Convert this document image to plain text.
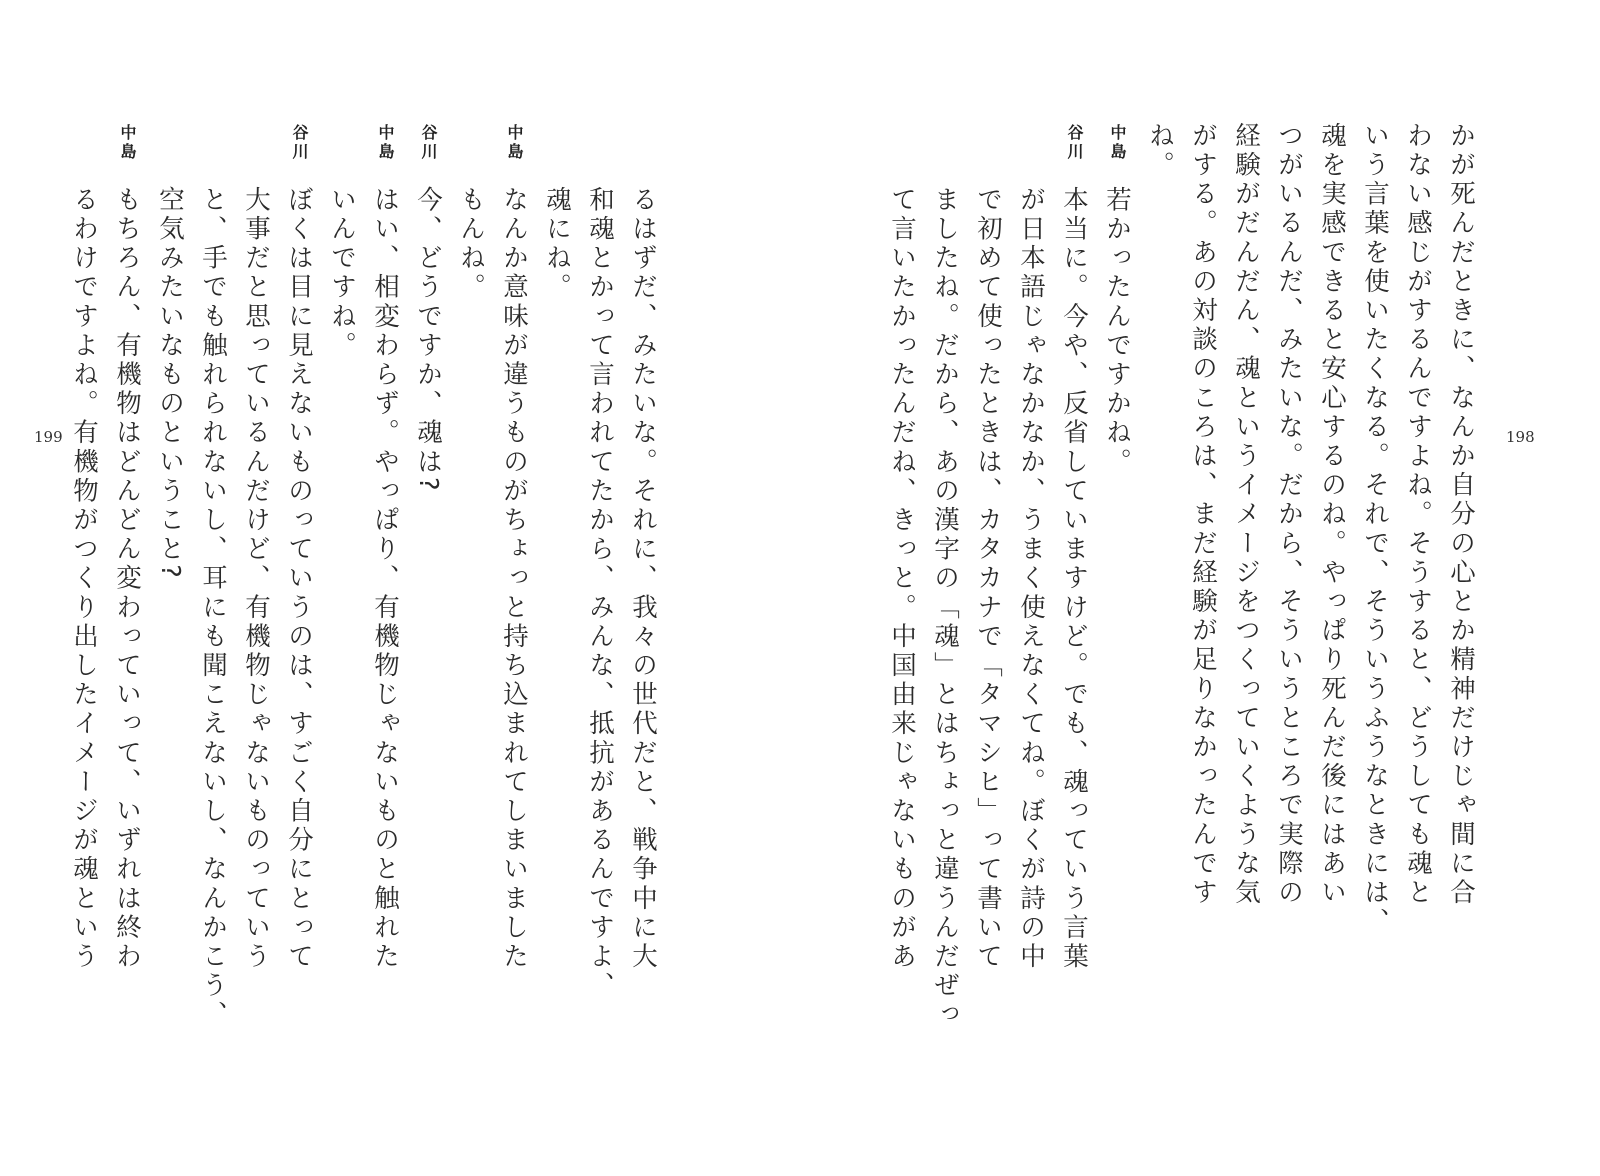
198
かが死んだときに、なんか自分の心とか精神だけじゃ間に合
わない感じがするんですよね。そうすると、どうしても魂と
いう言葉を使いたくなる。それで、そういうふうなときには、
魂を実感できると安心するのね。やっぱり死んだ後にはあい
つがいるんだ、みたいな。だから、そういうところで実際の
経験がだんだん、魂というイメージをつくっていくような気
がする。あの対談のころは、まだ経験が足りなかったんです
ね。
中島
若かったんですかね。
谷川
本当に。今や、反省していますけど。でも、魂っていう言葉
が日本語じゃなかなか、うまく使えなくてね。ぼくが詩の中
で初めて使ったときは、カタカナで「タマシヒ」って書いて
ましたね。だから、あの漢字の「魂」とはちょっと違うんだぜっ
て言いたかったんだね、きっと。中国由来じゃないものがあ
199	るはずだ、みたいな。それに、我々の世代だと、戦争中に大
和魂とかって言われてたから、みんな、抵抗があるんですよ、
魂にね。
中島
なんか意味が違うものがちょっと持ち込まれてしまいました
もんね。
谷川
今、どうですか、魂は?
中島
はい、相変わらず。やっぱり、有機物じゃないものと触れた
いんですね。
谷川
ぼくは目に見えないものっていうのは、すごく自分にとって
大事だと思っているんだけど、有機物じゃないものっていう
と、手でも触れられないし、耳にも聞こえないし、なんかこう、
空気みたいなものということ?
中島
もちろん、有機物はどんどん変わっていって、いずれは終わ
るわけですよね。有機物がつくり出したイメージが魂という
